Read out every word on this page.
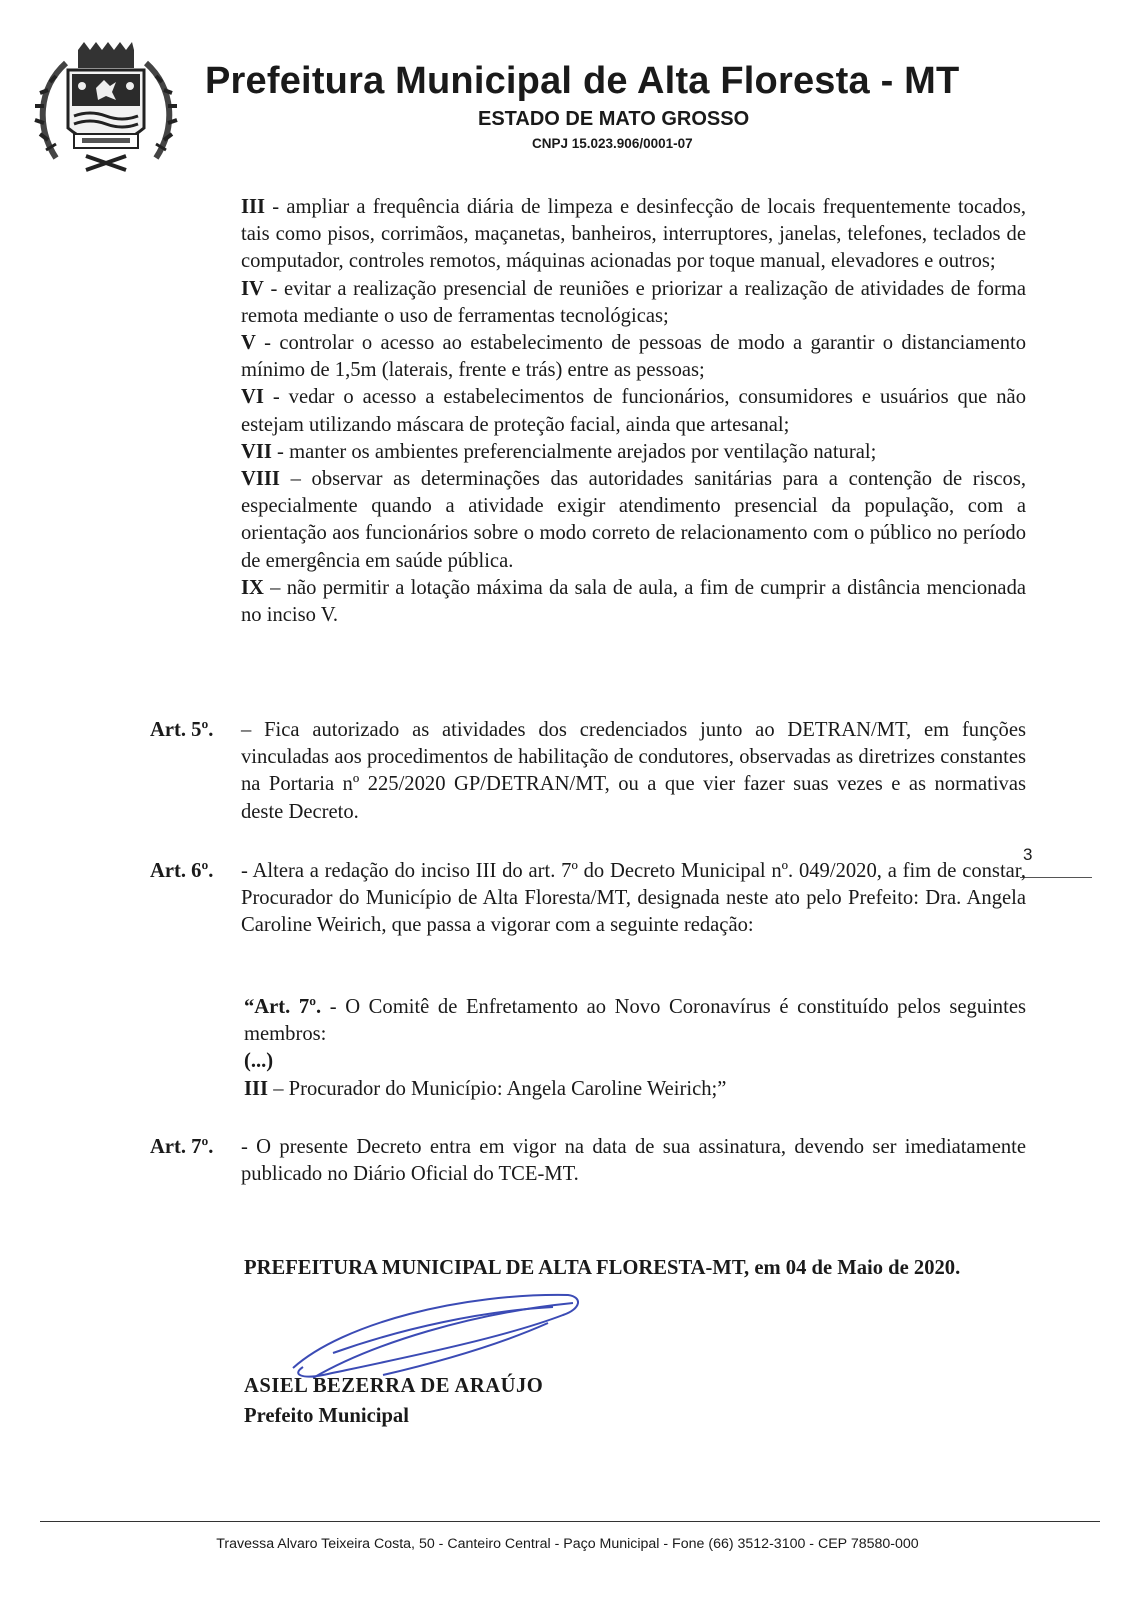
Prefeitura Municipal de Alta Floresta - MT
ESTADO DE MATO GROSSO
CNPJ 15.023.906/0001-07

III - ampliar a frequência diária de limpeza e desinfecção de locais frequentemente tocados, tais como pisos, corrimãos, maçanetas, banheiros, interruptores, janelas, telefones, teclados de computador, controles remotos, máquinas acionadas por toque manual, elevadores e outros;

IV - evitar a realização presencial de reuniões e priorizar a realização de atividades de forma remota mediante o uso de ferramentas tecnológicas;

V - controlar o acesso ao estabelecimento de pessoas de modo a garantir o distanciamento mínimo de 1,5m (laterais, frente e trás) entre as pessoas;

VI - vedar o acesso a estabelecimentos de funcionários, consumidores e usuários que não estejam utilizando máscara de proteção facial, ainda que artesanal;

VII - manter os ambientes preferencialmente arejados por ventilação natural;

VIII – observar as determinações das autoridades sanitárias para a contenção de riscos, especialmente quando a atividade exigir atendimento presencial da população, com a orientação aos funcionários sobre o modo correto de relacionamento com o público no período de emergência em saúde pública.

IX – não permitir a lotação máxima da sala de aula, a fim de cumprir a distância mencionada no inciso V.

Art. 5º. – Fica autorizado as atividades dos credenciados junto ao DETRAN/MT, em funções vinculadas aos procedimentos de habilitação de condutores, observadas as diretrizes constantes na Portaria nº 225/2020 GP/DETRAN/MT, ou a que vier fazer suas vezes e as normativas deste Decreto.
3
Art. 6º. - Altera a redação do inciso III do art. 7º do Decreto Municipal nº. 049/2020, a fim de constar, Procurador do Município de Alta Floresta/MT, designada neste ato pelo Prefeito: Dra. Angela Caroline Weirich, que passa a vigorar com a seguinte redação:

“Art. 7º. - O Comitê de Enfretamento ao Novo Coronavírus é constituído pelos seguintes membros:

(...)

III – Procurador do Município: Angela Caroline Weirich;”

Art. 7º. - O presente Decreto entra em vigor na data de sua assinatura, devendo ser imediatamente publicado no Diário Oficial do TCE-MT.
PREFEITURA MUNICIPAL DE ALTA FLORESTA-MT, em 04 de Maio de 2020.
ASIEL BEZERRA DE ARAÚJO
Prefeito Municipal
Travessa Alvaro Teixeira Costa, 50 - Canteiro Central - Paço Municipal - Fone (66) 3512-3100 - CEP 78580-000
